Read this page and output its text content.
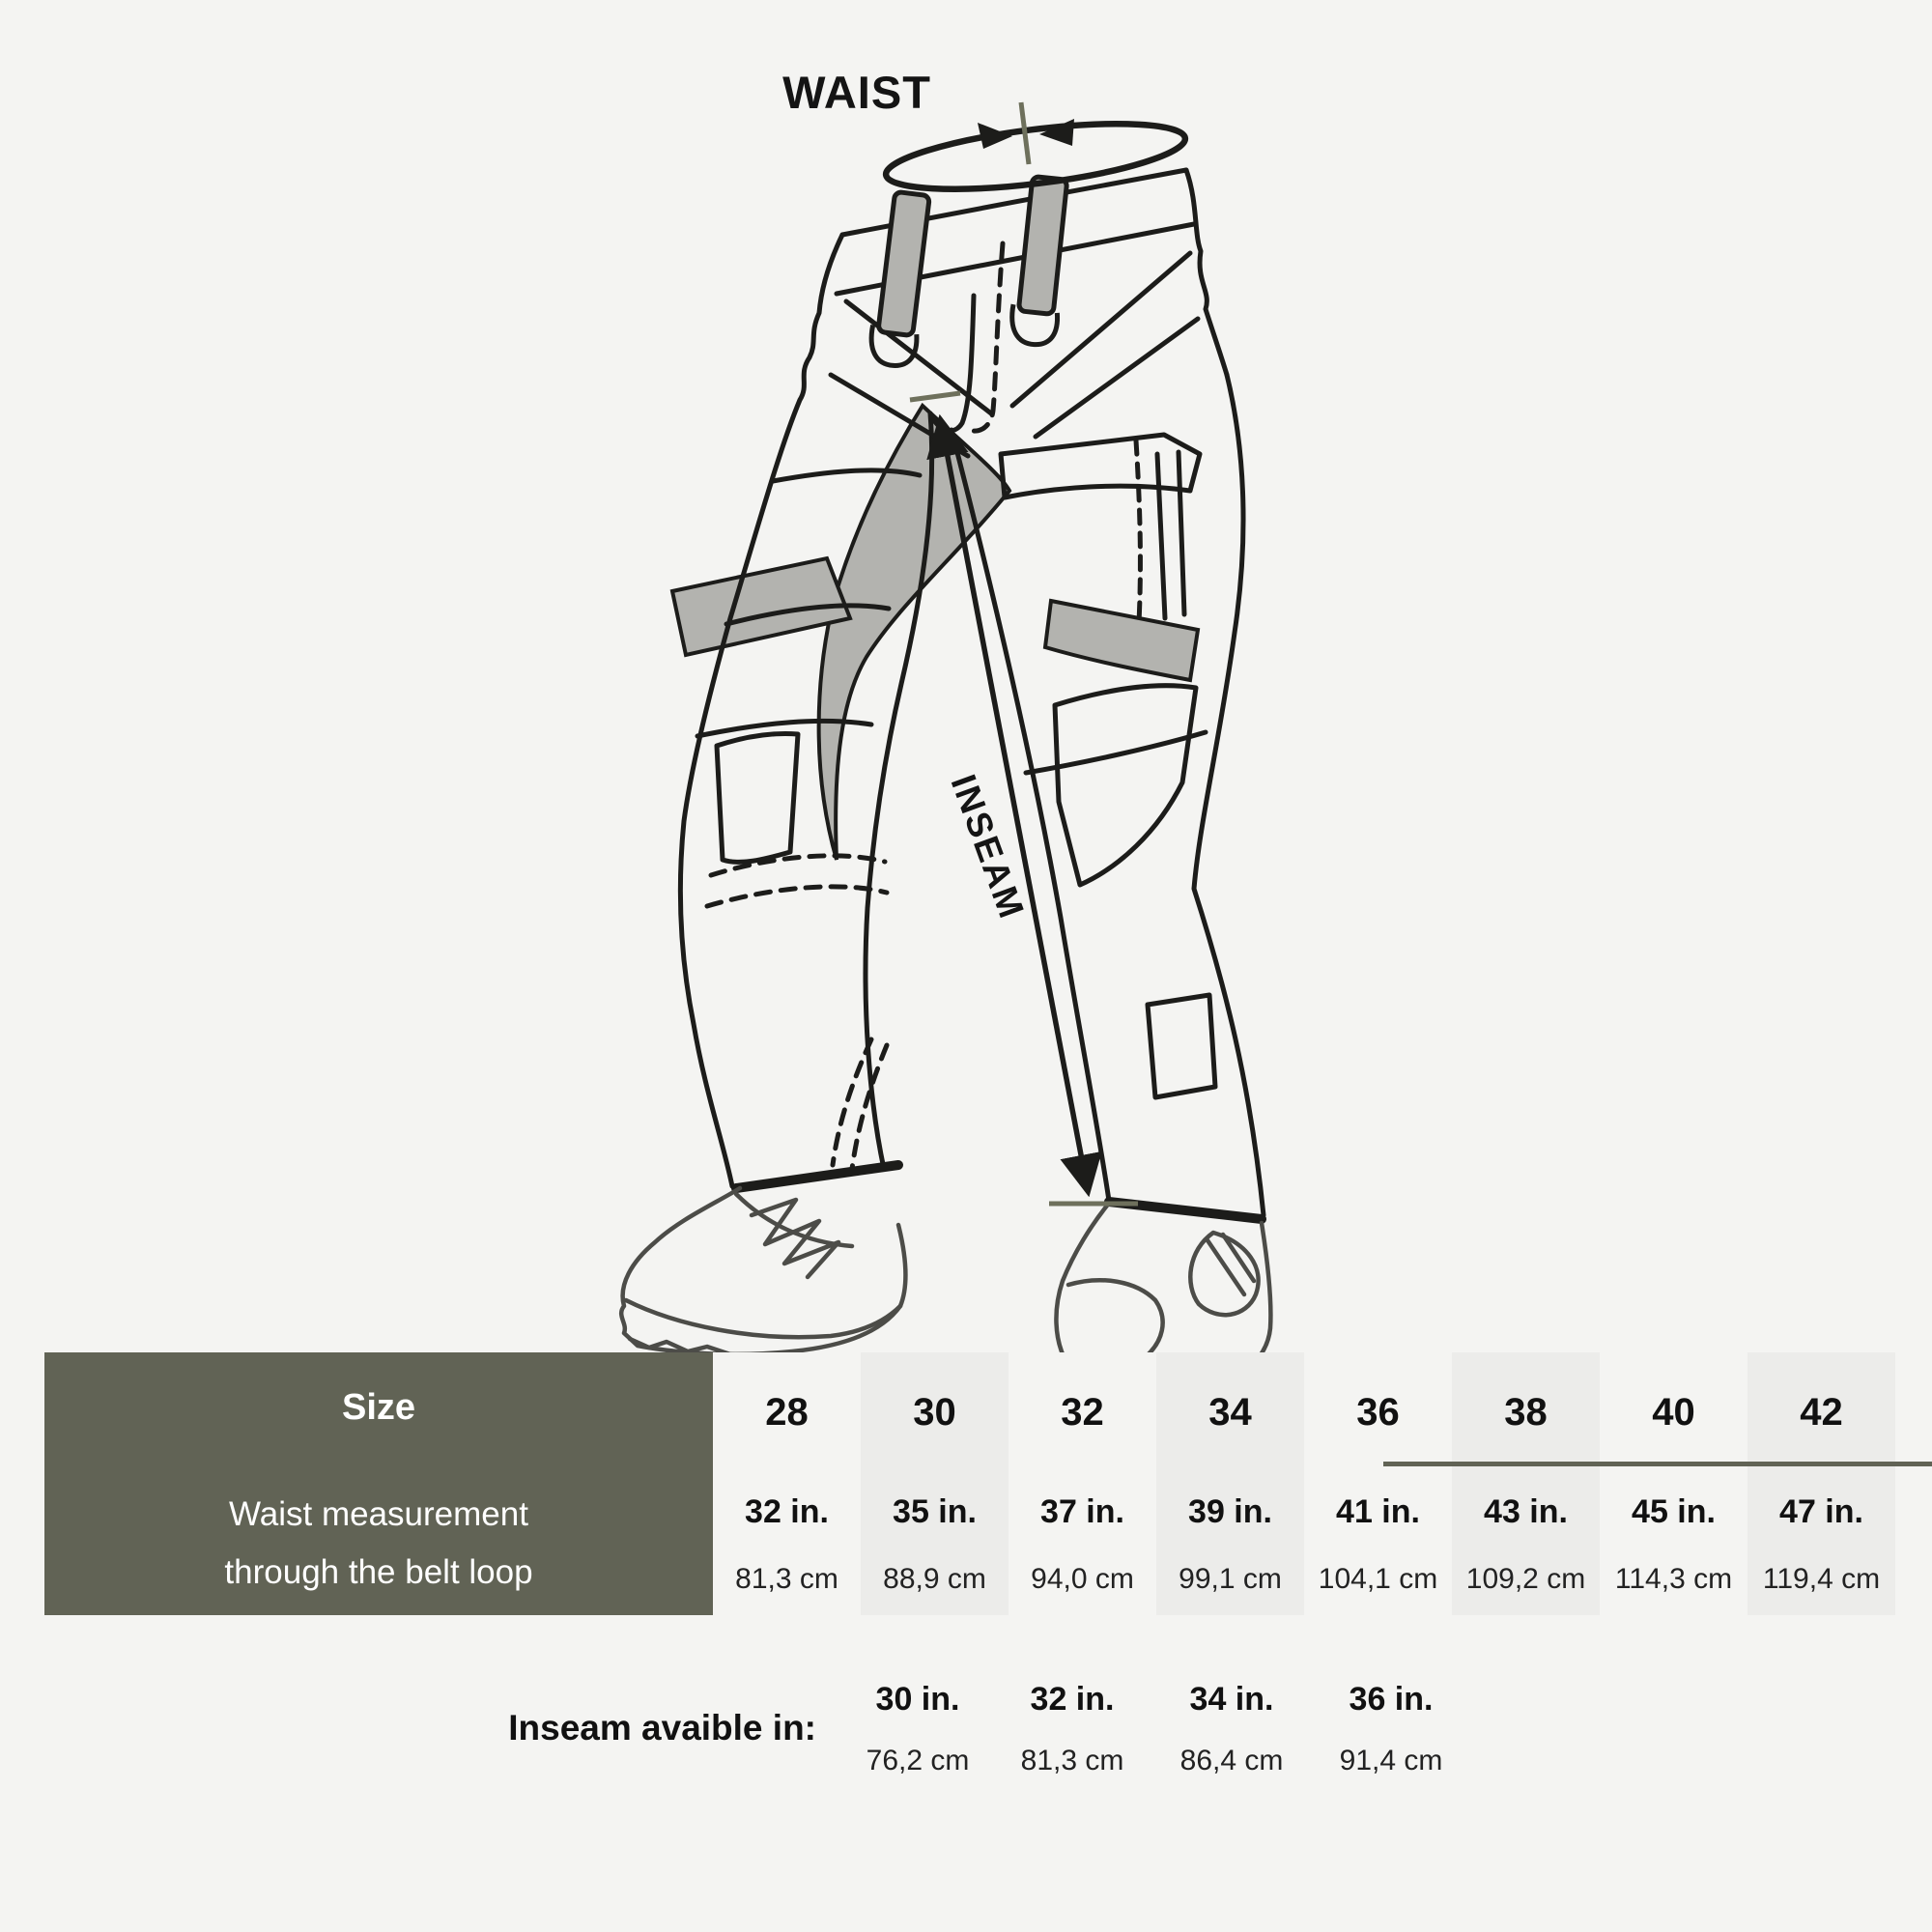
WAIST
INSEAM
Size
Waist measurement
through the belt loop
28
32 in.
81,3 cm
30
35 in.
88,9 cm
32
37 in.
94,0 cm
34
39 in.
99,1 cm
36
41 in.
104,1 cm
38
43 in.
109,2 cm
40
45 in.
114,3 cm
42
47 in.
119,4 cm
Inseam avaible in:
30 in.
76,2 cm
32 in.
81,3 cm
34 in.
86,4 cm
36 in.
91,4 cm
